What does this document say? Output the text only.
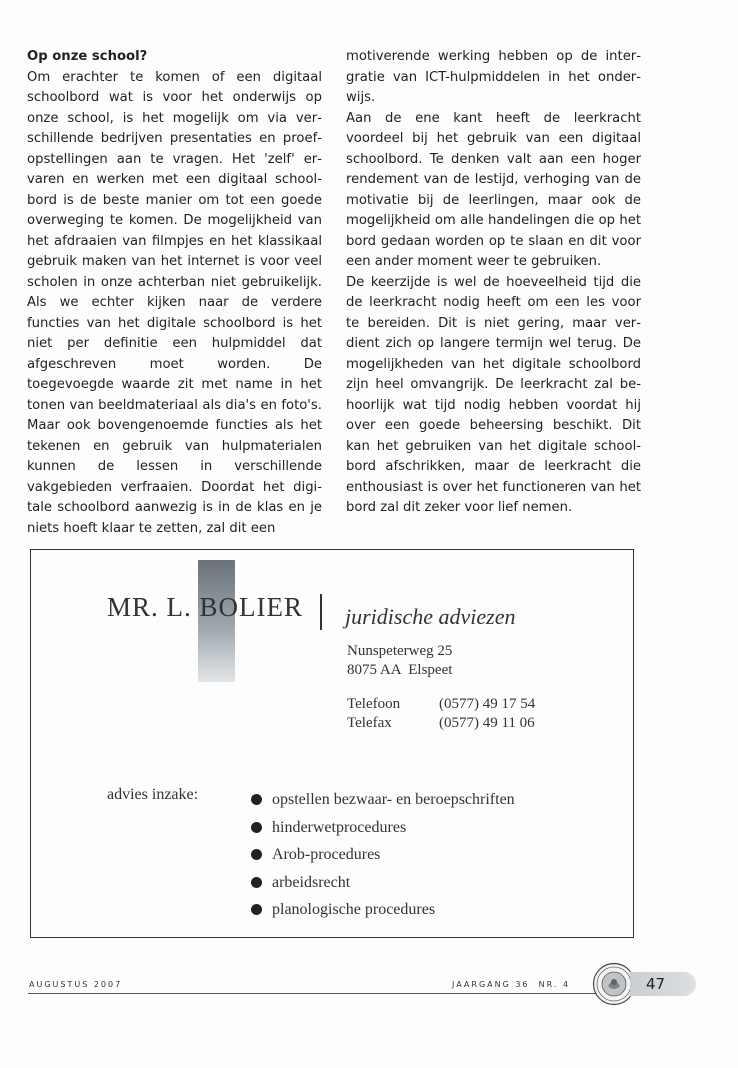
Op onze school?

Om erachter te komen of een digitaal schoolbord wat is voor het onderwijs op onze school, is het mogelijk om via verschillende bedrijven presentaties en proefopstellingen aan te vragen. Het 'zelf' ervaren en werken met een digitaal schoolbord is de beste manier om tot een goede overweging te komen. De mogelijkheid van het afdraaien van filmpjes en het klassikaal gebruik maken van het internet is voor veel scholen in onze achterban niet gebruikelijk. Als we echter kijken naar de verdere functies van het digitale schoolbord is het niet per definitie een hulpmiddel dat afgeschreven moet worden. De toegevoegde waarde zit met name in het tonen van beeldmateriaal als dia's en foto's. Maar ook bovengenoemde functies als het tekenen en gebruik van hulpmaterialen kunnen de lessen in verschillende vakgebieden verfraaien. Doordat het digitale schoolbord aanwezig is in de klas en je niets hoeft klaar te zetten, zal dit een

motiverende werking hebben op de intergratie van ICT-hulpmiddelen in het onderwijs.

Aan de ene kant heeft de leerkracht voordeel bij het gebruik van een digitaal schoolbord. Te denken valt aan een hoger rendement van de lestijd, verhoging van de motivatie bij de leerlingen, maar ook de mogelijkheid om alle handelingen die op het bord gedaan worden op te slaan en dit voor een ander moment weer te gebruiken.

De keerzijde is wel de hoeveelheid tijd die de leerkracht nodig heeft om een les voor te bereiden. Dit is niet gering, maar verdient zich op langere termijn wel terug. De mogelijkheden van het digitale schoolbord zijn heel omvangrijk. De leerkracht zal behoorlijk wat tijd nodig hebben voordat hij over een goede beheersing beschikt. Dit kan het gebruiken van het digitale schoolbord afschrikken, maar de leerkracht die enthousiast is over het functioneren van het bord zal dit zeker voor lief nemen.

MR. L. BOLIER juridische adviezen
Nunspeterweg 25
8075 AA  Elspeet
Telefoon	(0577) 49 17 54
Telefax	(0577) 49 11 06
advies inzake:	opstellen bezwaar- en beroepschriften
hinderwetprocedures
Arob-procedures
arbeidsrecht
planologische procedures
AUGUSTUS 2007	JAARGANG 36  NR. 4	47
